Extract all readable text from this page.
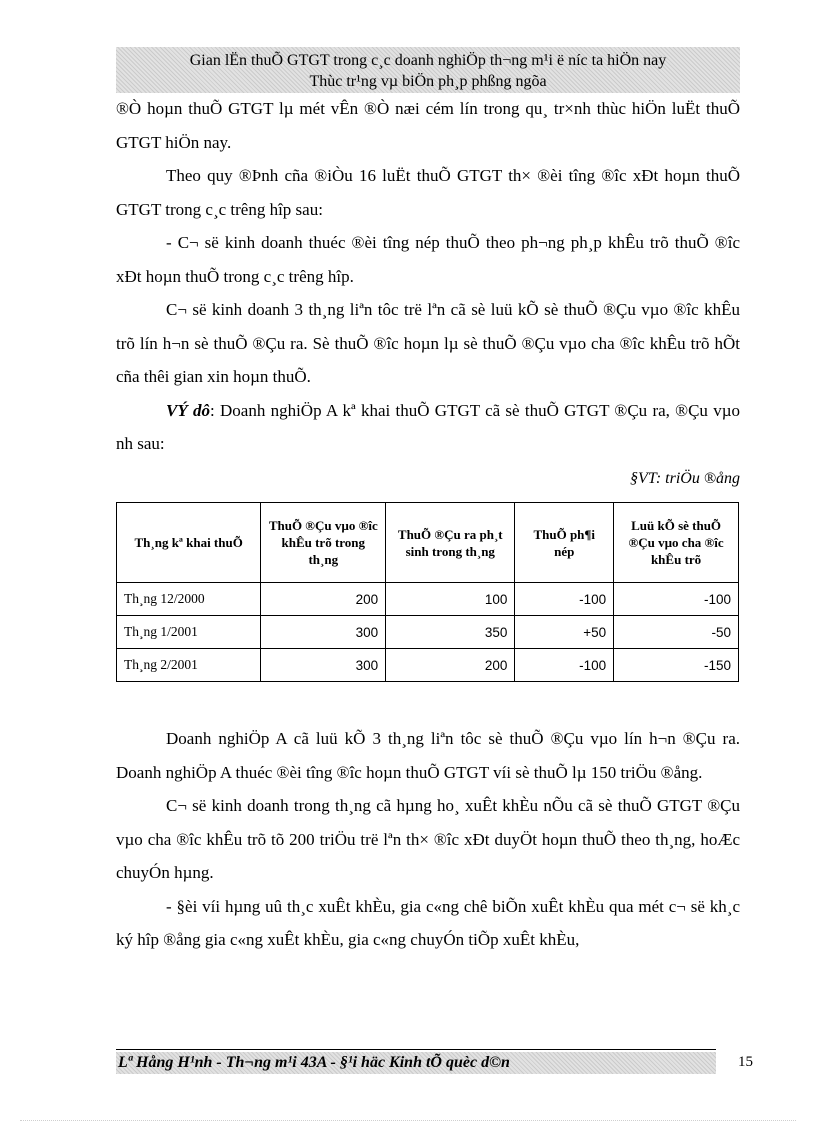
Gian lËn thuÕ GTGT trong c¸c doanh nghiÖp th¬ng m¹i ë níc ta hiÖn nay
Thùc tr¹ng vµ biÖn ph¸p phßng ngõa

®Ò hoµn thuÕ GTGT lµ mét vÊn ®Ò næi cém lín trong qu¸ tr×nh thùc hiÖn luËt thuÕ GTGT hiÖn nay.

Theo quy ®Þnh cña ®iÒu 16 luËt thuÕ GTGT th× ®èi tîng ®îc xÐt hoµn thuÕ GTGT trong c¸c trêng hîp sau:

- C¬ së kinh doanh thuéc ®èi tîng nép thuÕ theo ph¬ng ph¸p khÊu trõ thuÕ ®îc xÐt hoµn thuÕ trong c¸c trêng hîp.

C¬ së kinh doanh 3 th¸ng liªn tôc trë lªn cã sè luü kÕ sè thuÕ ®Çu vµo ®îc khÊu trõ lín h¬n sè thuÕ ®Çu ra. Sè thuÕ ®îc hoµn lµ sè thuÕ ®Çu vµo cha ®îc khÊu trõ hÕt cña thêi gian xin hoµn thuÕ.

VÝ dô: Doanh nghiÖp A kª khai thuÕ GTGT cã sè thuÕ GTGT ®Çu ra, ®Çu vµo nh sau:

§VT: triÖu ®ång
Th¸ng kª khai thuÕ	ThuÕ ®Çu vµo ®îc khÊu trõ trong th¸ng	ThuÕ ®Çu ra ph¸t sinh trong th¸ng	ThuÕ ph¶i nép	Luü kÕ sè thuÕ ®Çu vµo cha ®îc khÊu trõ
Th¸ng 12/2000	200	100	-100	-100
Th¸ng 1/2001	300	350	+50	-50
Th¸ng 2/2001	300	200	-100	-150

Doanh nghiÖp A cã luü kÕ 3 th¸ng liªn tôc sè thuÕ ®Çu vµo lín h¬n ®Çu ra. Doanh nghiÖp A thuéc ®èi tîng ®îc hoµn thuÕ GTGT víi sè thuÕ lµ 150 triÖu ®ång.

C¬ së kinh doanh trong th¸ng cã hµng ho¸ xuÊt khÈu nÕu cã sè thuÕ GTGT ®Çu vµo cha ®îc khÊu trõ tõ 200 triÖu trë lªn th× ®îc xÐt duyÖt hoµn thuÕ theo th¸ng, hoÆc chuyÓn hµng.

- §èi víi hµng uû th¸c xuÊt khÈu, gia c«ng chê biÕn xuÊt khÈu qua mét c¬ së kh¸c ký hîp ®ång gia c«ng xuÊt khÈu, gia c«ng chuyÓn tiÕp xuÊt khÈu,

Lª Hång H¹nh - Th¬ng m¹i 43A - §¹i häc Kinh tÕ quèc d©n	15
